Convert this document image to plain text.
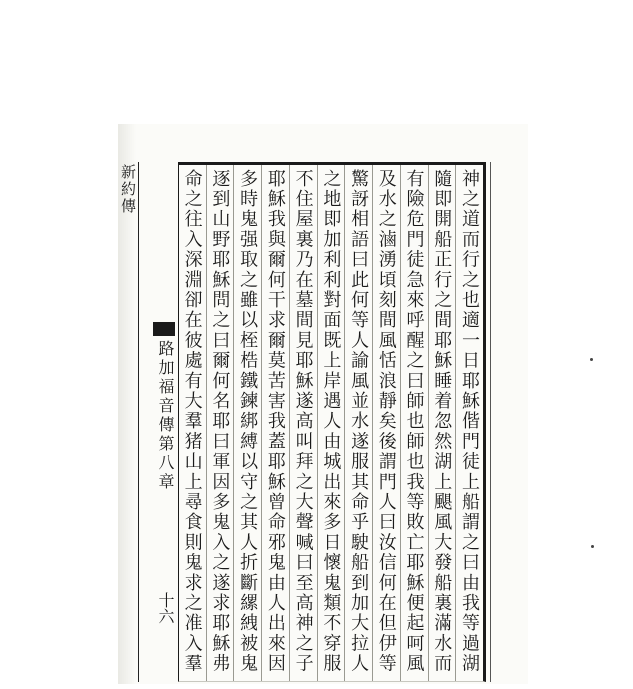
新約傳
路加福音傳第八章
十六	神之道而行之也適一日耶穌偕門徒上船謂之曰由我等過湖
隨即開船正行之間耶穌睡着忽然湖上颶風大發船裏滿水而
有險危門徒急來呼醒之曰師也師也我等敗亡耶穌便起呵風
及水之滷湧頃刻間風恬浪靜矣後謂門人曰汝信何在但伊等
驚訝相語曰此何等人諭風並水遂服其命乎駛船到加大拉人
之地即加利利對面既上岸遇人由城出來多日懷鬼類不穿服
不住屋裏乃在墓間見耶穌遂高叫拜之大聲喊曰至高神之子
耶穌我與爾何干求爾莫苦害我蓋耶穌曾命邪鬼由人出來因
多時鬼强取之雖以桎梏鐵鍊綁縛以守之其人折斷縲絏被鬼
逐到山野耶穌問之曰爾何名耶曰軍因多鬼入之遂求耶穌弗
命之往入深淵卻在彼處有大羣猪山上尋食則鬼求之准入羣
